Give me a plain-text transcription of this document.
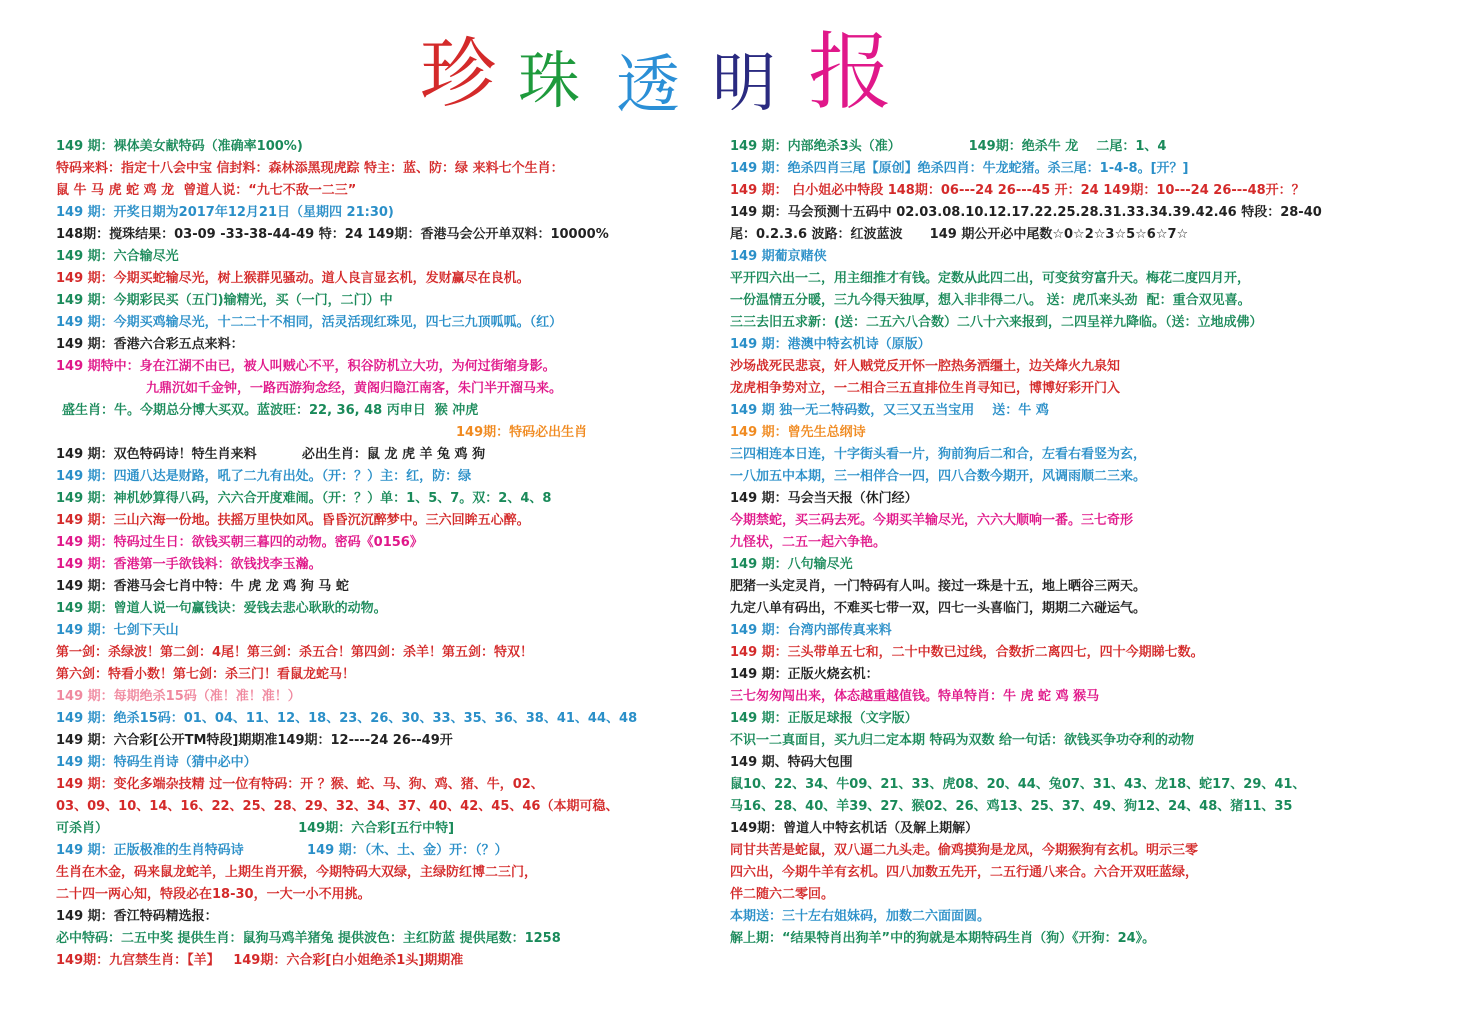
珍 珠 透 明 报
149 期：裸体美女献特码（准确率100%)
特码来料：指定十八会中宝 信封料：森林添黑现虎踪 特主：蓝、防：绿 来料七个生肖：
鼠 牛 马 虎 蛇 鸡 龙  曾道人说：“九七不敌一二三”
149 期：开奖日期为2017年12月21日（星期四 21:30)
148期：搅珠结果：03-09 -33-38-44-49 特：24 149期：香港马会公开单双料：10000%
149 期：六合输尽光
149 期：今期买蛇输尽光，树上猴群见骚动。道人良言显玄机，发财赢尽在良机。
149 期：今期彩民买（五门)输精光，买（一门，二门）中
149 期：今期买鸡输尽光，十二二十不相同，活灵活现红珠见，四七三九顶呱呱。（红）
149 期：香港六合彩五点来料：
149 期特中：身在江湖不由已，被人叫贼心不平，积谷防机立大功，为何过街缩身影。
九鼎沉如千金钟，一路西游狗念经，黄阁归隐江南客，朱门半开溜马来。
盛生肖：牛。今期总分博大买双。蓝波旺：22, 36, 48 丙申日  猴 冲虎
149期：特码必出生肖
149 期：双色特码诗！特生肖来料          必出生肖：鼠 龙 虎 羊 兔 鸡 狗
149 期：四通八达是财路，吼了二九有出处。（开：？）主：红，防：绿
149 期：神机妙算得八码，六六合开度难闹。（开：？）单：1、5、7。双：2、4、8
149 期：三山六海一份地。扶摇万里快如风。昏昏沉沉醉梦中。三六回眸五心醉。
149 期：特码过生日：欲钱买朝三暮四的动物。密码《0156》
149 期：香港第一手欲钱料：欲钱找李玉瀚。
149 期：香港马会七肖中特：牛 虎 龙 鸡 狗 马 蛇
149 期：曾道人说一句赢钱诀：爱钱去悲心耿耿的动物。
149 期：七剑下天山
第一剑：杀绿波！第二剑：4尾！第三剑：杀五合！第四剑：杀羊！第五剑：特双！
第六剑：特看小数！第七剑：杀三门！看鼠龙蛇马！
149 期：每期绝杀15码（准！准！准！）
149 期：绝杀15码：01、04、11、12、18、23、26、30、33、35、36、38、41、44、48
149 期：六合彩[公开TM特段]期期准149期：12----24 26--49开
149 期：特码生肖诗（猜中必中）
149 期：变化多端杂技精 过一位有特码：开 ？猴、蛇、马、狗、鸡、猪、牛，02、
03、09、10、14、16、22、25、28、29、32、34、37、40、42、45、46（本期可稳、
可杀肖）                                          149期：六合彩[五行中特]
149 期：正版极准的生肖特码诗              149 期：（木、土、金）开：（？）
生肖在木金，码来鼠龙蛇羊，上期生肖开猴，今期特码大双绿，主绿防红博二三门，
二十四一两心知，特段必在18-30，一大一小不用挑。
149 期：香江特码精选报：
必中特码：二五中奖 提供生肖：鼠狗马鸡羊猪兔 提供波色：主红防蓝 提供尾数：1258
149期：九宫禁生肖：【羊】   149期：六合彩[白小姐绝杀1头]期期准
149 期：内部绝杀3头（准）               149期：绝杀牛 龙    二尾：1、4
149 期：绝杀四肖三尾【原创】绝杀四肖：牛龙蛇猪。杀三尾：1-4-8。[开？]
149 期： 白小姐必中特段 148期：06---24 26---45 开：24 149期：10---24 26---48开：？
149 期：马会预测十五码中 02.03.08.10.12.17.22.25.28.31.33.34.39.42.46 特段：28-40
尾：0.2.3.6 波路：红波蓝波      149 期公开必中尾数☆0☆2☆3☆5☆6☆7☆
149 期葡京赌侠
平开四六出一二，用主细推才有钱。定数从此四二出，可变贫穷富升天。梅花二度四月开，
一份温情五分暖，三九今得天独厚，想入非非得二八。 送：虎爪来头劲  配：重合双见喜。
三三去旧五求新：(送：二五六八合数）二八十六来报到，二四呈祥九降临。（送：立地成佛）
149 期：港澳中特玄机诗（原版）
沙场战死民悲哀，奸人贼党反开怀一腔热务洒缰土，边关烽火九泉知
龙虎相争势对立，一二相合三五直排位生肖寻知已，博博好彩开门入
149 期 独一无二特码数，又三又五当宝用    送：牛 鸡
149 期：曾先生总纲诗
三四相连本日连，十字街头看一片，狗前狗后二和合，左看右看竖为玄，
一八加五中本期，三一相伴合一四，四八合数今期开，风调雨顺二三来。
149 期：马会当天报（休门经）
今期禁蛇，买三码去死。今期买羊输尽光，六六大顺响一番。三七奇形
九怪状，二五一起六争艳。
149 期：八句输尽光
肥猪一头定灵肖，一门特码有人叫。接过一珠是十五，地上晒谷三两天。
九定八单有码出，不难买七带一双，四七一头喜临门，期期二六碰运气。
149 期：台湾内部传真来料
149 期：三头带单五七和，二十中数已过线，合数折二离四七，四十今期睇七数。
149 期：正版火烧玄机：
三七匆匆闯出来，体态越重越值钱。特单特肖：牛 虎 蛇 鸡 猴马
149 期：正版足球报（文字版）
不识一二真面目，买九归二定本期 特码为双数 给一句话：欲钱买争功夺利的动物
149 期、特码大包围
鼠10、22、34、牛09、21、33、虎08、20、44、兔07、31、43、龙18、蛇17、29、41、
马16、28、40、羊39、27、猴02、26、鸡13、25、37、49、狗12、24、48、猪11、35
149期：曾道人中特玄机话（及解上期解）
同甘共苦是蛇鼠，双八逼二九头走。偷鸡摸狗是龙凤，今期猴狗有玄机。明示三零
四六出，今期牛羊有玄机。四八加数五先开，二五行通八来合。六合开双旺蓝绿，
伴二随六二零回。
本期送：三十左右姐妹码，加数二六面面圆。
解上期：“结果特肖出狗羊”中的狗就是本期特码生肖（狗）《开狗：24》。
